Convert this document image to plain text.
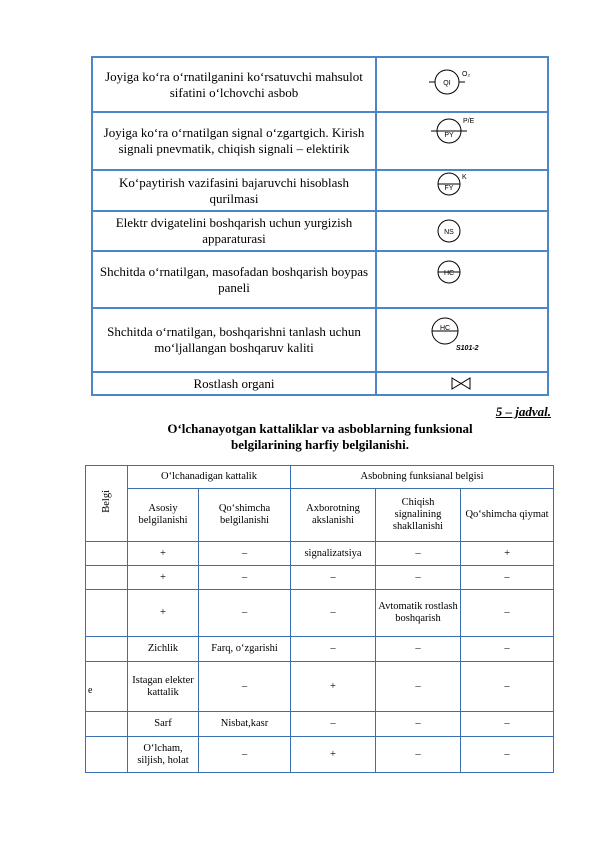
Joyiga ko‘ra o‘rnatilganini ko‘rsatuvchi mahsulot sifatini o‘lchovchi asbob	QI
O₂

Joyiga ko‘ra o‘rnatilgan signal o‘zgartgich. Kirish signali pnevmatik, chiqish signali – elektirik	PY
P/E

Ko‘paytirish vazifasini bajaruvchi hisoblash qurilmasi	FY
K

Elektr dvigatelini boshqarish uchun yurgizish apparaturasi	NS

Shchitda o‘rnatilgan, masofadan boshqarish boypas paneli	HC

Shchitda o‘rnatilgan, boshqarishni tanlash uchun mo‘ljallangan boshqaruv kaliti	HC
S101-2

Rostlash organi	
5 – jadval.
O‘lchanayotgan kattaliklar va asboblarning funksional belgilarining harfiy belgilanishi.
Belgi	O‘lchanadigan kattalik		Asbobning funksianal belgisi		
	Asosiy belgilanishi	Qo‘shimcha belgilanishi	Axborotning akslanishi	Chiqish signalining shakllanishi	Qo‘shimcha qiymat
	+	–	signalizatsiya	–	+
	+	–	–	–	–
	+	–	–	Avtomatik rostlash boshqarish	–
	Zichlik	Farq, o‘zgarishi	–	–	–

e	Istagan elekter kattalik	–	+	–	–
	Sarf	Nisbat,kasr	–	–	–
	O‘lcham, siljish, holat	–	+	–	–
